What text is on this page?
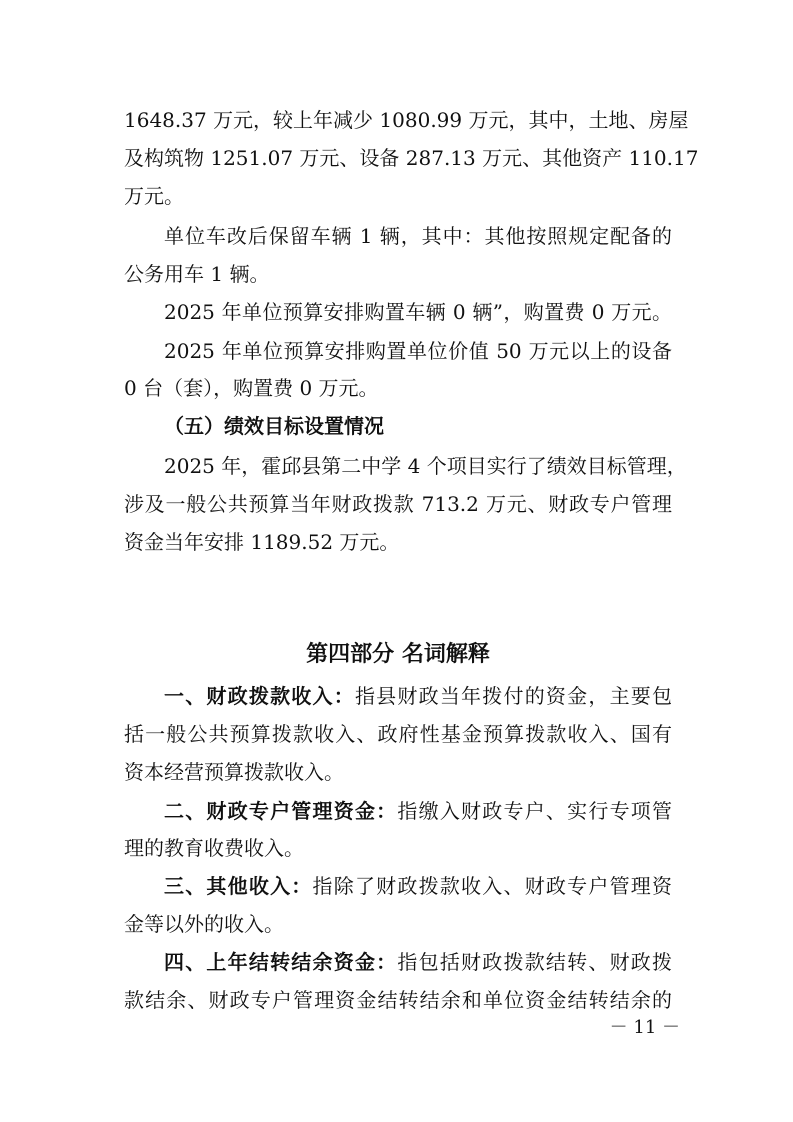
1648.37 万元，较上年减少 1080.99 万元，其中，土地、房屋
及构筑物 1251.07 万元、设备 287.13 万元、其他资产 110.17
万元。
单位车改后保留车辆 1 辆，其中：其他按照规定配备的
公务用车 1 辆。
2025 年单位预算安排购置车辆 0 辆”，购置费 0 万元。
2025 年单位预算安排购置单位价值 50 万元以上的设备
0 台（套），购置费 0 万元。
（五）绩效目标设置情况
2025 年，霍邱县第二中学 4 个项目实行了绩效目标管理，
涉及一般公共预算当年财政拨款 713.2 万元、财政专户管理
资金当年安排 1189.52 万元。
第四部分 名词解释
一、财政拨款收入：指县财政当年拨付的资金，主要包
括一般公共预算拨款收入、政府性基金预算拨款收入、国有
资本经营预算拨款收入。
二、财政专户管理资金：指缴入财政专户、实行专项管
理的教育收费收入。
三、其他收入：指除了财政拨款收入、财政专户管理资
金等以外的收入。
四、上年结转结余资金：指包括财政拨款结转、财政拨
款结余、财政专户管理资金结转结余和单位资金结转结余的
－ 11 －
